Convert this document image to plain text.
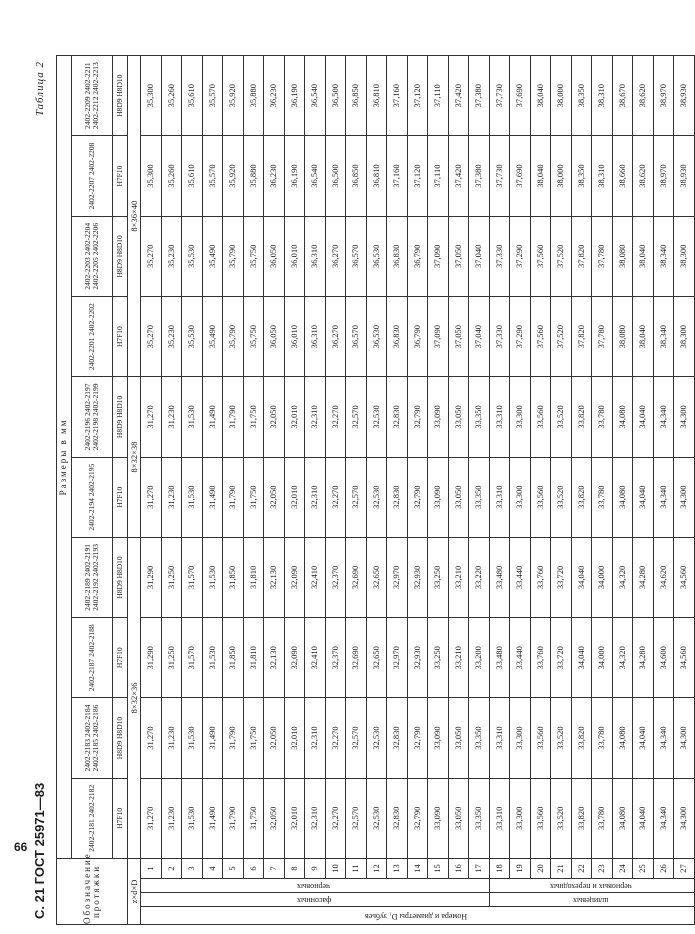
66 С. 21 ГОСТ 25971—83
Таблица 2
Обозначение протяжки				Размеры в мм									
				2402-2181 2402-2182	2402-2183 2402-2184 2402-2185 2402-2186	2402-2187 2402-2188	2402-2189 2402-2191 2402-2192 2402-2193	2402-2194 2402-2195	2402-2196 2402-2197 2402-2198 2402-2199	2402-2201 2402-2202	2402-2203 2402-2204 2402-2205 2402-2206	2402-2207 2402-2208	2402-2209 2402-2211 2402-2212 2402-2213
				H7F10	H8D9 H8D10	H7F10	H8D9 H8D10	H7F10	H8D9 H8D10	H7F10	H8D9 H8D10	H7F10	H8D9 H8D10
z×d×D				8×32×36				8×32×38		8×36×40			
Номера и диаметры D₁ зубьев	фасонных	черновых	1	31,270	31,270	31,290	31,290	31,270	31,270	35,270	35,270	35,300	35,300
			2	31,230	31,230	31,250	31,250	31,230	31,230	35,230	35,230	35,260	35,260
			3	31,530	31,530	31,570	31,570	31,530	31,530	35,530	35,530	35,610	35,610
			4	31,490	31,490	31,530	31,530	31,490	31,490	35,490	35,490	35,570	35,570
			5	31,790	31,790	31,850	31,850	31,790	31,790	35,790	35,790	35,920	35,920
			6	31,750	31,750	31,810	31,810	31,750	31,750	35,750	35,750	35,880	35,880
			7	32,050	32,050	32,130	32,130	32,050	32,050	36,050	36,050	36,230	36,230
			8	32,010	32,010	32,090	32,090	32,010	32,010	36,010	36,010	36,190	36,190
			9	32,310	32,310	32,410	32,410	32,310	32,310	36,310	36,310	36,540	36,540
			10	32,270	32,270	32,370	32,370	32,270	32,270	36,270	36,270	36,500	36,500
			11	32,570	32,570	32,690	32,690	32,570	32,570	36,570	36,570	36,850	36,850
			12	32,530	32,530	32,650	32,650	32,530	32,530	36,530	36,530	36,810	36,810
			13	32,830	32,830	32,970	32,970	32,830	32,830	36,830	36,830	37,160	37,160
			14	32,790	32,790	32,930	32,930	32,790	32,790	36,790	36,790	37,120	37,120
			15	33,090	33,090	33,250	33,250	33,090	33,090	37,090	37,090	37,110	37,110
			16	33,050	33,050	33,210	33,210	33,050	33,050	37,050	37,050	37,420	37,420
			17	33,350	33,350	33,200	33,220	33,350	33,350	37,040	37,040	37,380	37,380
	шлицевых	черновых и переходных	18	33,310	33,310	33,480	33,480	33,310	33,310	37,330	37,330	37,730	37,730
			19	33,300	33,300	33,440	33,440	33,300	33,300	37,290	37,290	37,690	37,690
			20	33,560	33,560	33,760	33,760	33,560	33,560	37,560	37,560	38,040	38,040
			21	33,520	33,520	33,720	33,720	33,520	33,520	37,520	37,520	38,000	38,000
			22	33,820	33,820	34,040	34,040	33,820	33,820	37,820	37,820	38,350	38,350
			23	33,780	33,780	34,000	34,000	33,780	33,780	37,780	37,780	38,310	38,310
			24	34,080	34,080	34,320	34,320	34,080	34,080	38,080	38,080	38,660	38,670
			25	34,040	34,040	34,280	34,280	34,040	34,040	38,040	38,040	38,620	38,620
			26	34,340	34,340	34,600	34,620	34,340	34,340	38,340	38,340	38,970	38,970
			27	34,300	34,300	34,560	34,560	34,300	34,300	38,300	38,300	38,930	38,930
